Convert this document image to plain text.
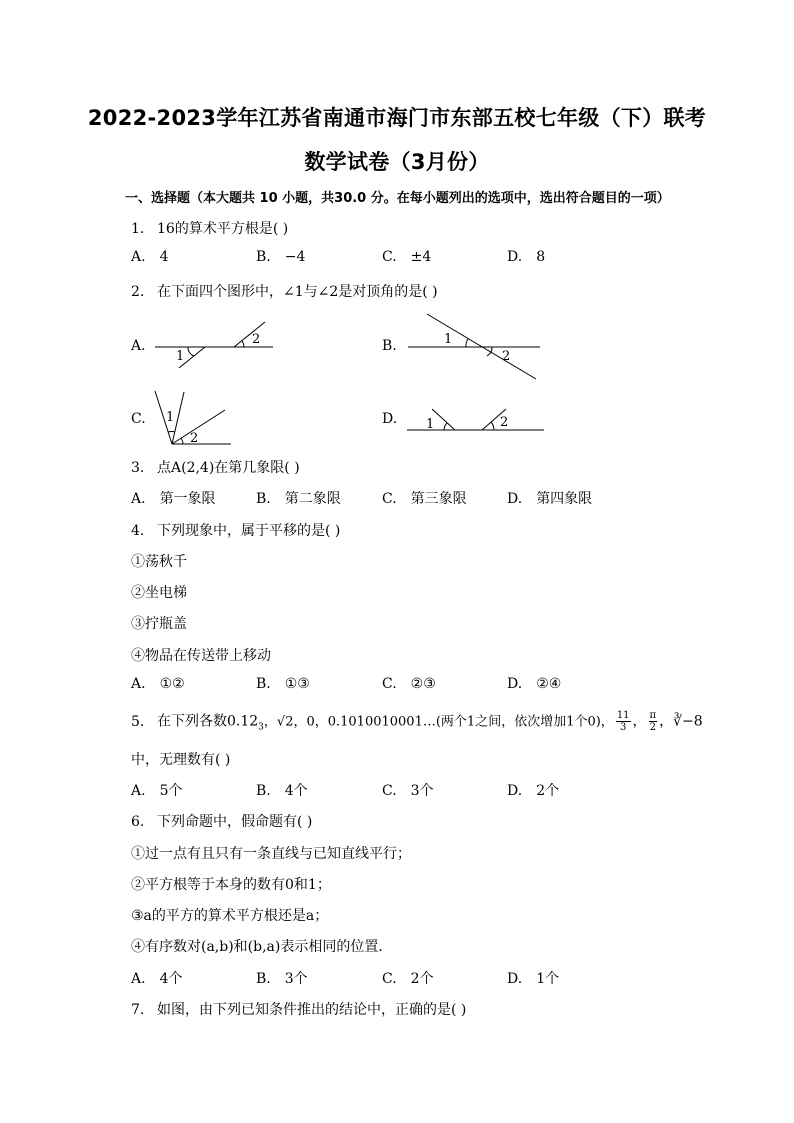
2022-2023学年江苏省南通市海门市东部五校七年级（下）联考
数学试卷（3月份）
一、选择题（本大题共 10 小题，共30.0 分。在每小题列出的选项中，选出符合题目的一项）
1. 16的算术平方根是( )
A. 4	B. −4	C. ±4	D. 8
2. 在下面四个图形中，∠1与∠2是对顶角的是( )
A.	B.
C.	D.
1
2	1
2
1
2
1	2
3. 点A(2,4)在第几象限( )
A. 第一象限	B. 第二象限	C. 第三象限	D. 第四象限
4. 下列现象中，属于平移的是( )
①荡秋千
②坐电梯
③拧瓶盖
④物品在传送带上移动
A. ①②	B. ①③	C. ②③	D. ②④
5. 在下列各数$0.12_3$，√2，0，0.1010010001…(两个1之间，依次增加1个0)， $\frac{11}{3}$ ， $\frac{\pi}{2}$ ，∛−8
中，无理数有( )
A. 5个	B. 4个	C. 3个	D. 2个
6. 下列命题中，假命题有( )
①过一点有且只有一条直线与已知直线平行；
②平方根等于本身的数有0和1；
③a的平方的算术平方根还是a；
④有序数对(a,b)和(b,a)表示相同的位置．
A. 4个	B. 3个	C. 2个	D. 1个
7. 如图，由下列已知条件推出的结论中，正确的是( )
